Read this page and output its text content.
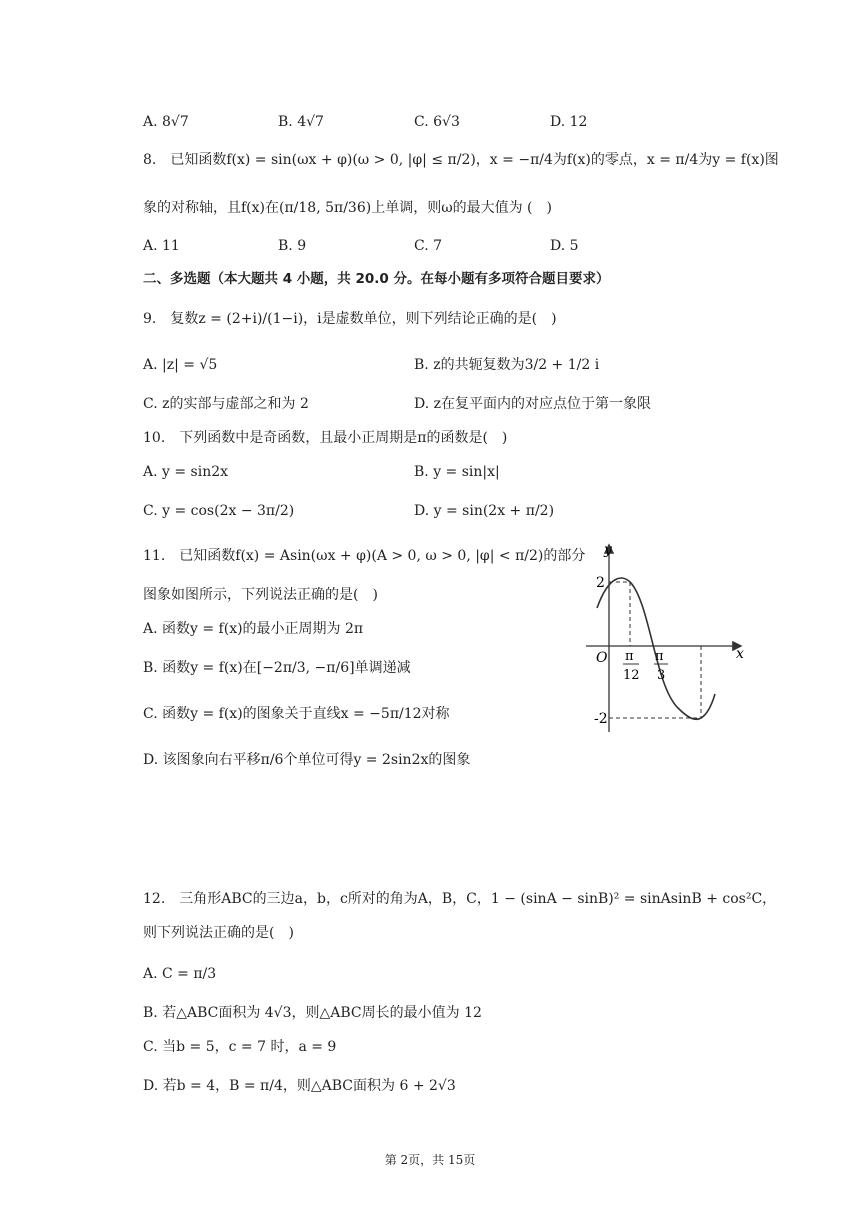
A. 8√7	B. 4√7	C. 6√3	D. 12
8.　已知函数f(x) = sin(ωx + φ)(ω > 0, |φ| ≤ π/2)，x = −π/4为f(x)的零点，x = π/4为y = f(x)图
象的对称轴，且f(x)在(π/18, 5π/36)上单调，则ω的最大值为 (　)
A. 11	B. 9	C. 7	D. 5
二、多选题（本大题共 4 小题，共 20.0 分。在每小题有多项符合题目要求）
9.　复数z = (2+i)/(1−i)，i是虚数单位，则下列结论正确的是(　)
A. |z| = √5	B. z的共轭复数为3/2 + 1/2 i
C. z的实部与虚部之和为 2	D. z在复平面内的对应点位于第一象限
10.　下列函数中是奇函数，且最小正周期是π的函数是(　)
A. y = sin2x	B. y = sin|x|
C. y = cos(2x − 3π/2)	D. y = sin(2x + π/2)
11.　已知函数f(x) = Asin(ωx + φ)(A > 0, ω > 0, |φ| < π/2)的部分
图象如图所示，下列说法正确的是(　)
A. 函数y = f(x)的最小正周期为 2π
B. 函数y = f(x)在[−2π/3, −π/6]单调递减
C. 函数y = f(x)的图象关于直线x = −5π/12对称
D. 该图象向右平移π/6个单位可得y = 2sin2x的图象
y
x
O
2
-2
π
12
π
3
12.　三角形ABC的三边a，b，c所对的角为A，B，C，1 − (sinA − sinB)² = sinAsinB + cos²C，
则下列说法正确的是(　)
A. C = π/3
B. 若△ABC面积为 4√3，则△ABC周长的最小值为 12
C. 当b = 5，c = 7 时，a = 9
D. 若b = 4，B = π/4，则△ABC面积为 6 + 2√3
第 2页，共 15页
